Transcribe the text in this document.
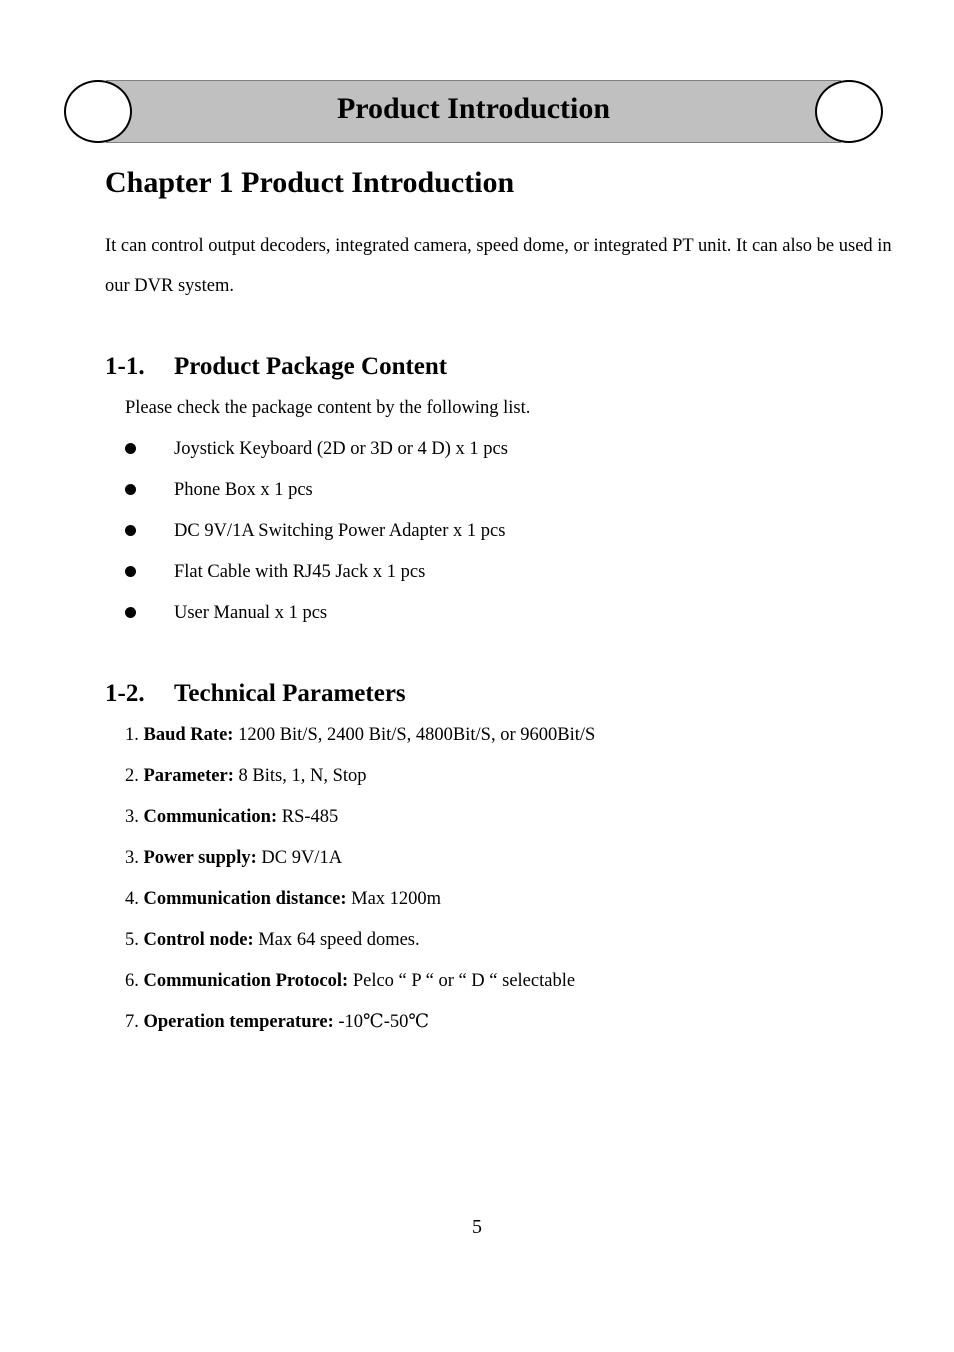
Product Introduction
Chapter 1 Product Introduction

It can control output decoders, integrated camera, speed dome, or integrated PT unit. It can also be used in our DVR system.

1-1. Product Package Content
Please check the package content by the following list.
Joystick Keyboard (2D or 3D or 4 D) x 1 pcs
Phone Box x 1 pcs
DC 9V/1A Switching Power Adapter x 1 pcs
Flat Cable with RJ45 Jack x 1 pcs
User Manual x 1 pcs
1-2. Technical Parameters
1. Baud Rate: 1200 Bit/S, 2400 Bit/S, 4800Bit/S, or 9600Bit/S
2. Parameter: 8 Bits, 1, N, Stop
3. Communication: RS-485
3. Power supply: DC 9V/1A
4. Communication distance: Max 1200m
5. Control node: Max 64 speed domes.
6. Communication Protocol: Pelco “ P “ or “ D “ selectable
7. Operation temperature: -10℃-50℃
5
